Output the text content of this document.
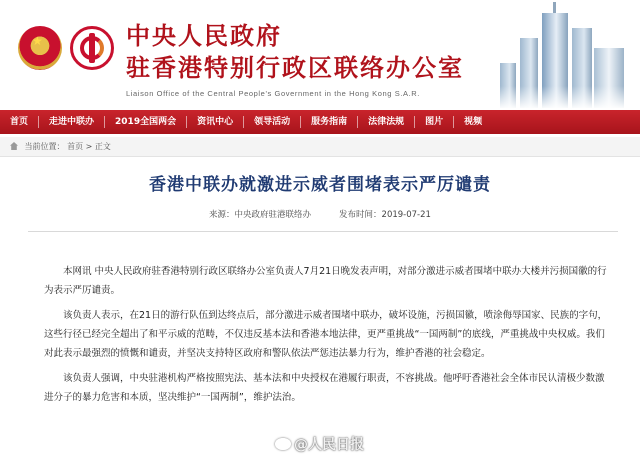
★	中央人民政府
驻香港特别行政区联络办公室
Liaison Office of the Central People's Government in the Hong Kong S.A.R.
首页	走进中联办	2019全国两会	资讯中心	领导活动	服务指南	法律法规	图片	视频
当前位置： 首页 > 正文
香港中联办就激进示威者围堵表示严厉谴责
来源：中央政府驻港联络办	发布时间：2019-07-21

本网讯 中央人民政府驻香港特别行政区联络办公室负责人7月21日晚发表声明，对部分激进示威者围堵中联办大楼并污损国徽的行为表示严厉谴责。

该负责人表示，在21日的游行队伍到达终点后，部分激进示威者围堵中联办，破坏设施，污损国徽，喷涂侮辱国家、民族的字句，这些行径已经完全超出了和平示威的范畴，不仅违反基本法和香港本地法律，更严重挑战“一国两制”的底线，严重挑战中央权威。我们对此表示最强烈的愤慨和谴责，并坚决支持特区政府和警队依法严惩违法暴力行为，维护香港的社会稳定。

该负责人强调，中央驻港机构严格按照宪法、基本法和中央授权在港履行职责，不容挑战。他呼吁香港社会全体市民认清极少数激进分子的暴力危害和本质，坚决维护“一国两制”，维护法治。

@人民日报
